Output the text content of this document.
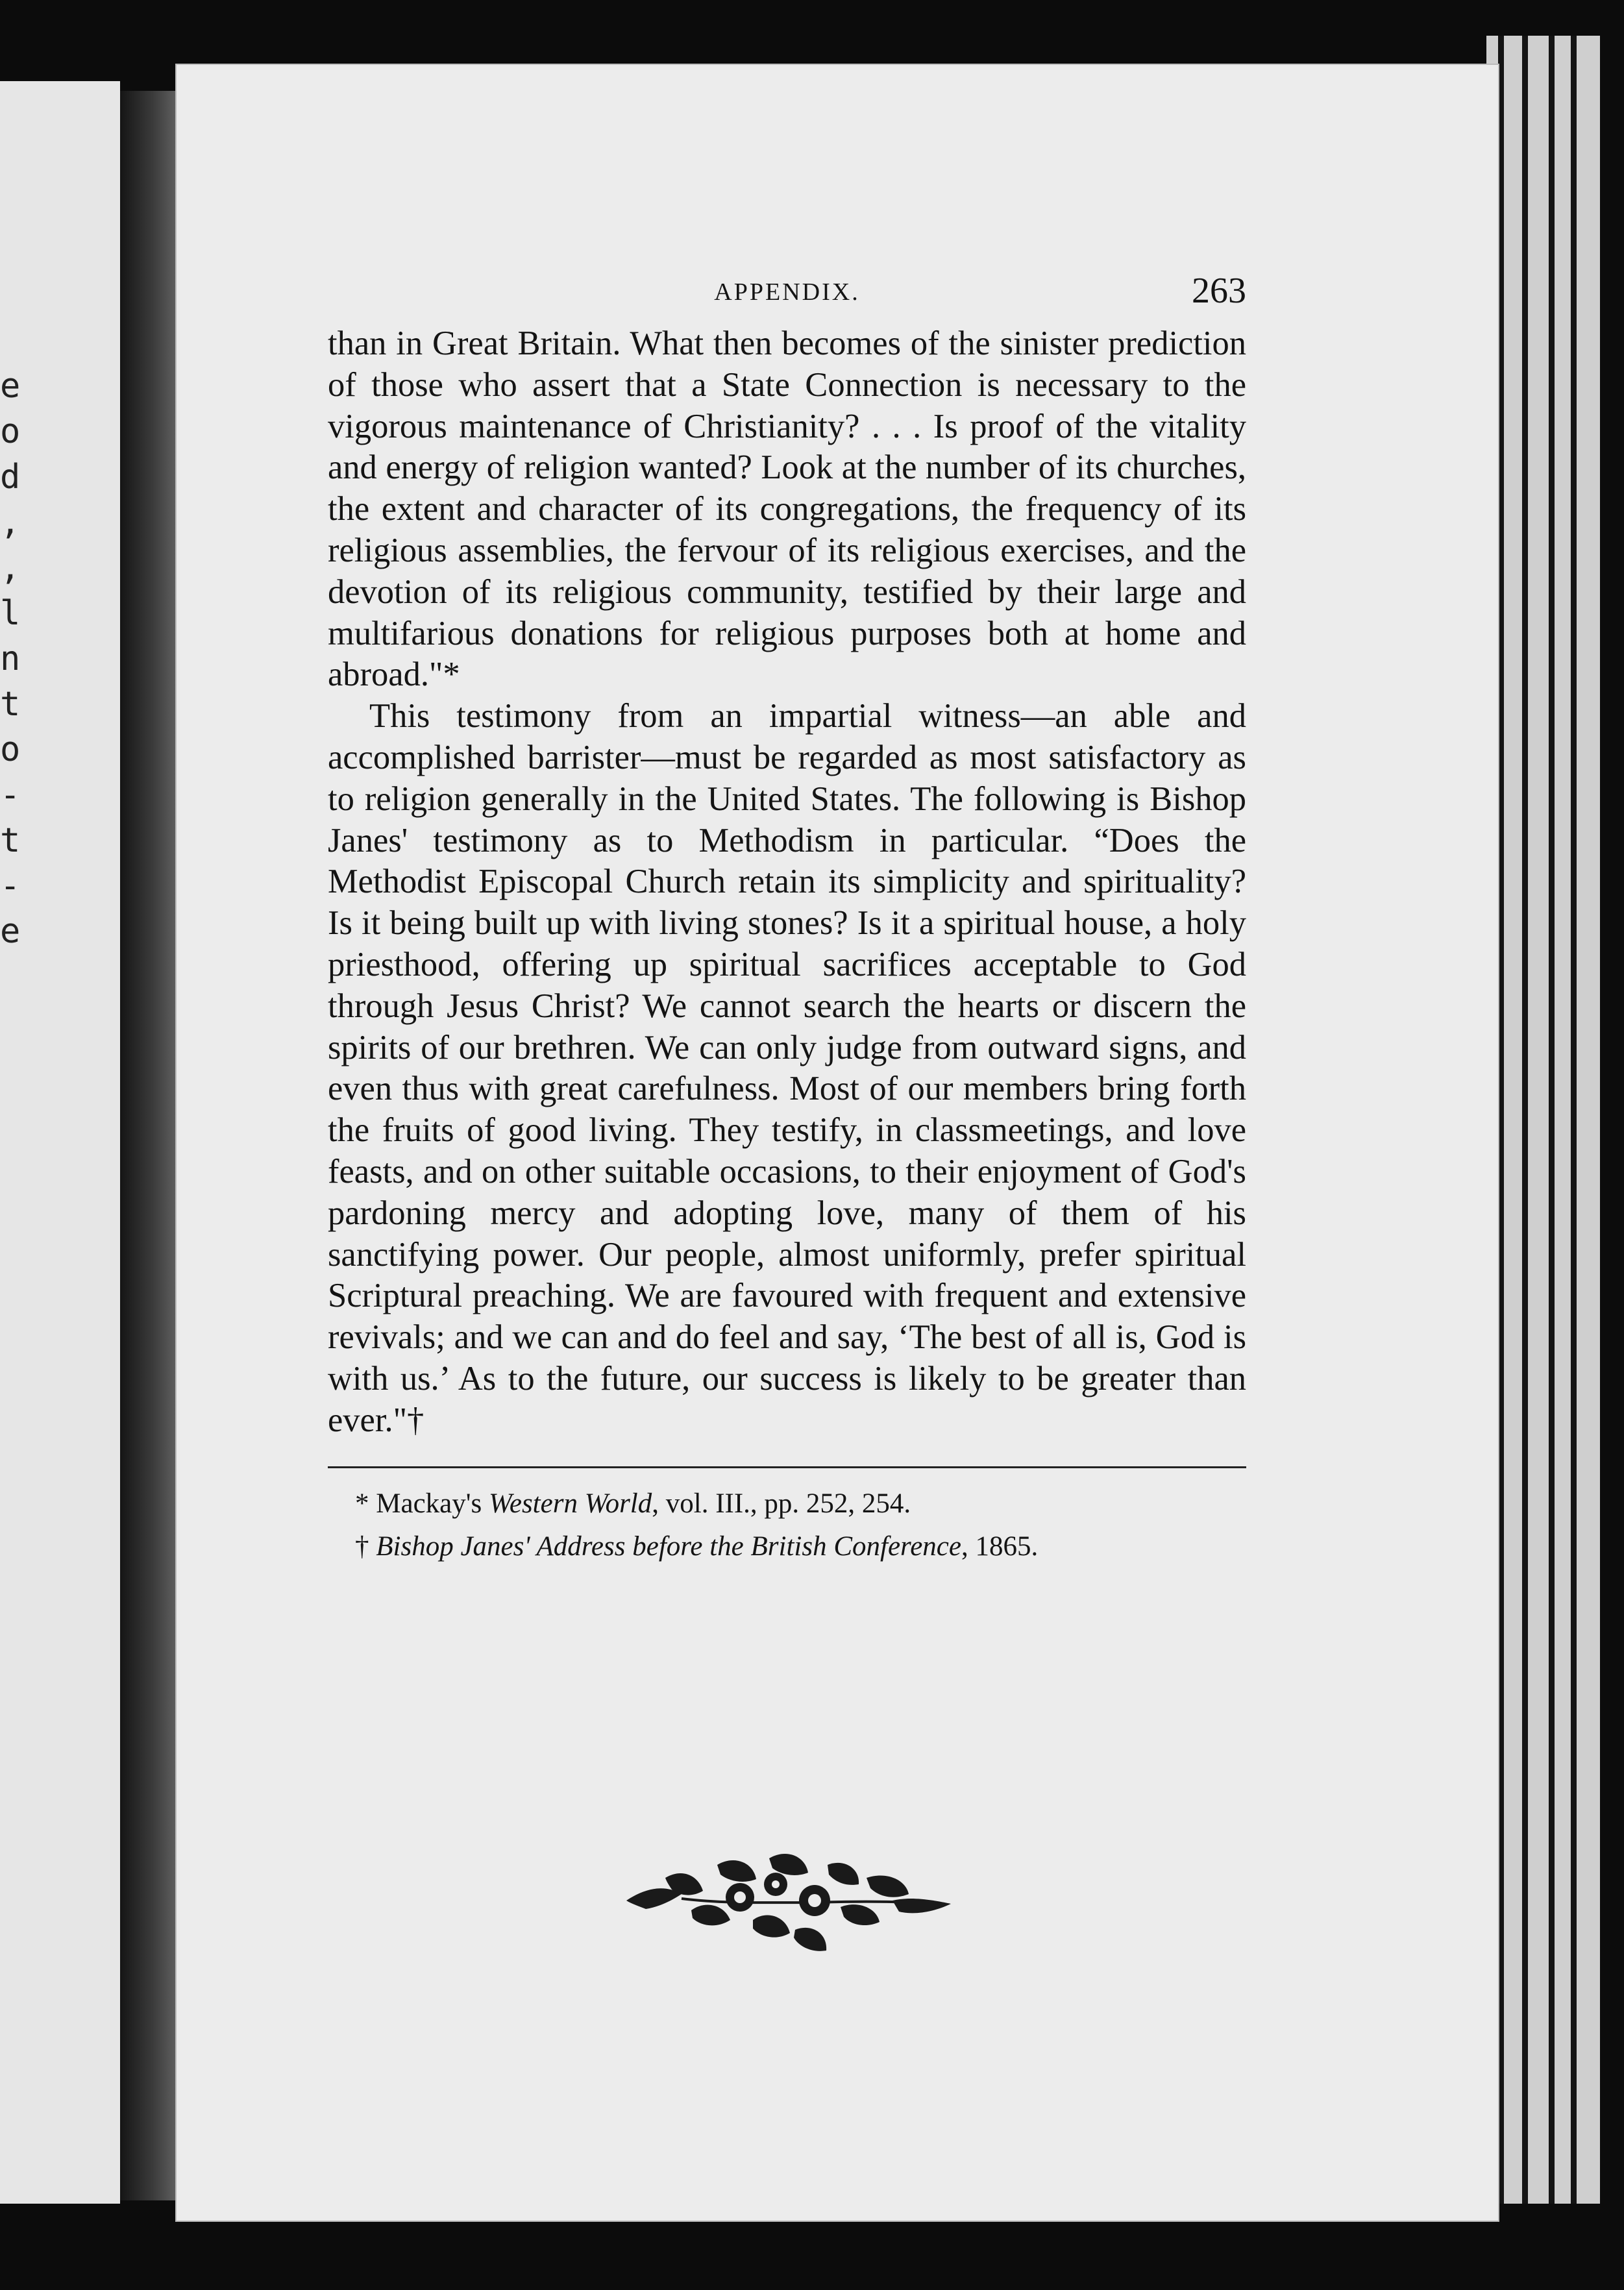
e
o
d
,
,
l
n
t
o
-
t
-
e
APPENDIX.	263

than in Great Britain. What then becomes of the sinister prediction of those who assert that a State Connection is necessary to the vigorous maintenance of Christianity? . . . Is proof of the vitality and energy of religion wanted? Look at the number of its churches, the extent and character of its congregations, the frequency of its religious assemblies, the fervour of its religious exercises, and the devotion of its religious community, testified by their large and multifarious donations for religious purposes both at home and abroad."*

This testimony from an impartial witness—an able and accomplished barrister—must be regarded as most satisfactory as to religion generally in the United States. The following is Bishop Janes' testimony as to Methodism in particular. “Does the Methodist Episcopal Church retain its simplicity and spirituality? Is it being built up with living stones? Is it a spiritual house, a holy priesthood, offering up spiritual sacrifices acceptable to God through Jesus Christ? We cannot search the hearts or discern the spirits of our brethren. We can only judge from outward signs, and even thus with great carefulness. Most of our members bring forth the fruits of good living. They testify, in classmeetings, and love feasts, and on other suitable occasions, to their enjoyment of God's pardoning mercy and adopting love, many of them of his sanctifying power. Our people, almost uniformly, prefer spiritual Scriptural preaching. We are favoured with frequent and extensive revivals; and we can and do feel and say, ‘The best of all is, God is with us.’ As to the future, our success is likely to be greater than ever."†

* Mackay's Western World, vol. III., pp. 252, 254.

† Bishop Janes' Address before the British Conference, 1865.
